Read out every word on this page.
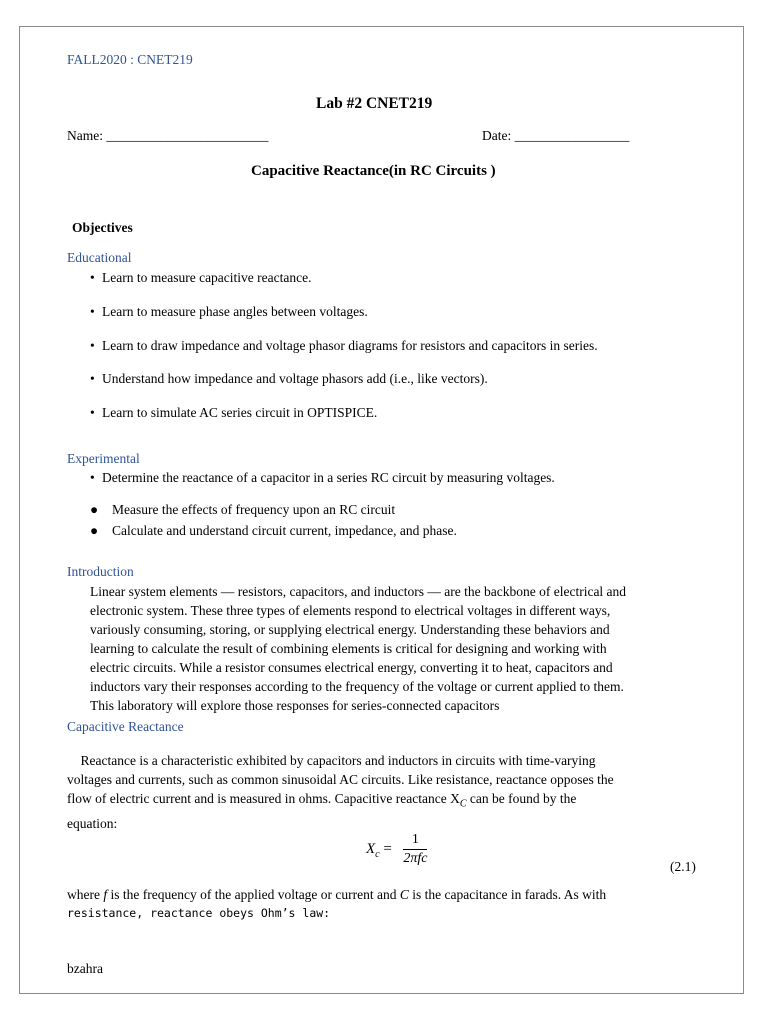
FALL2020 : CNET219
Lab #2 CNET219
Name: ________________________	Date: _________________
Capacitive Reactance(in RC Circuits )
Objectives
Educational
• Learn to measure capacitive reactance.
• Learn to measure phase angles between voltages.
• Learn to draw impedance and voltage phasor diagrams for resistors and capacitors in series.
• Understand how impedance and voltage phasors add (i.e., like vectors).
• Learn to simulate AC series circuit in OPTISPICE.
Experimental
• Determine the reactance of a capacitor in a series RC circuit by measuring voltages.
● Measure the effects of frequency upon an RC circuit
● Calculate and understand circuit current, impedance, and phase.
Introduction
Linear system elements — resistors, capacitors, and inductors — are the backbone of electrical and
electronic system. These three types of elements respond to electrical voltages in different ways,
variously consuming, storing, or supplying electrical energy. Understanding these behaviors and
learning to calculate the result of combining elements is critical for designing and working with
electric circuits. While a resistor consumes electrical energy, converting it to heat, capacitors and
inductors vary their responses according to the frequency of the voltage or current applied to them.
This laboratory will explore those responses for series-connected capacitors
Capacitive Reactance
Reactance is a characteristic exhibited by capacitors and inductors in circuits with time-varying
voltages and currents, such as common sinusoidal AC circuits. Like resistance, reactance opposes the
flow of electric current and is measured in ohms. Capacitive reactance $X_C$ can be found by the
equation:
$X_c = \frac{1}{\text{2πfc}}$	(2.1)
where f is the frequency of the applied voltage or current and C is the capacitance in farads. As with
resistance, reactance obeys Ohm’s law:
bzahra
